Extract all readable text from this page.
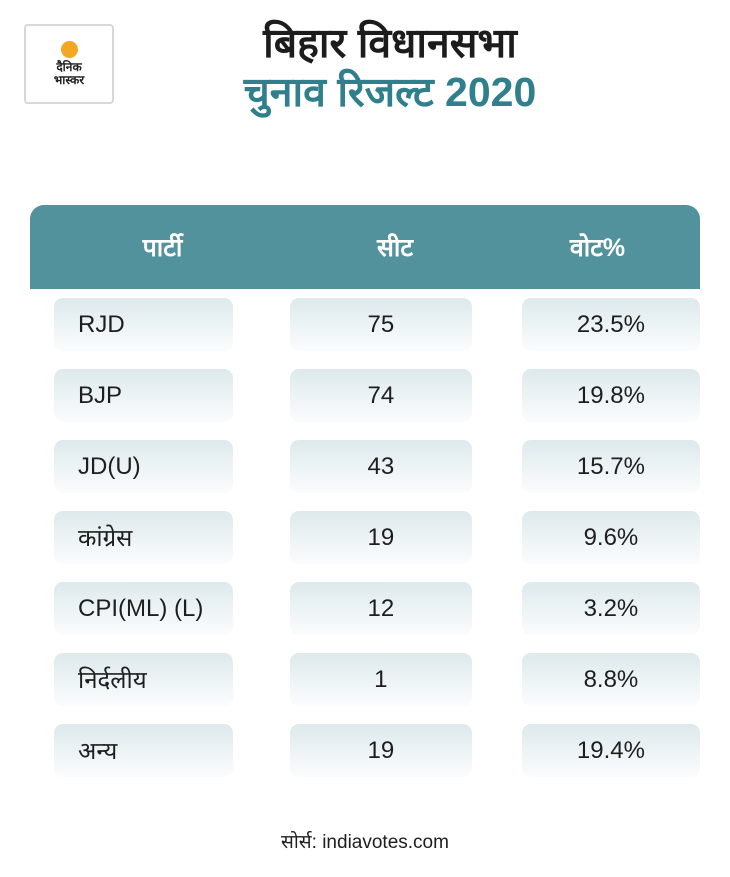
दैनिक
भास्कर
बिहार विधानसभा
चुनाव रिजल्ट 2020
पार्टी	सीट	वोट%
RJD	75	23.5%
BJP	74	19.8%
JD(U)	43	15.7%
कांग्रेस	19	9.6%
CPI(ML) (L)	12	3.2%
निर्दलीय	1	8.8%
अन्य	19	19.4%
सोर्स: indiavotes.com
